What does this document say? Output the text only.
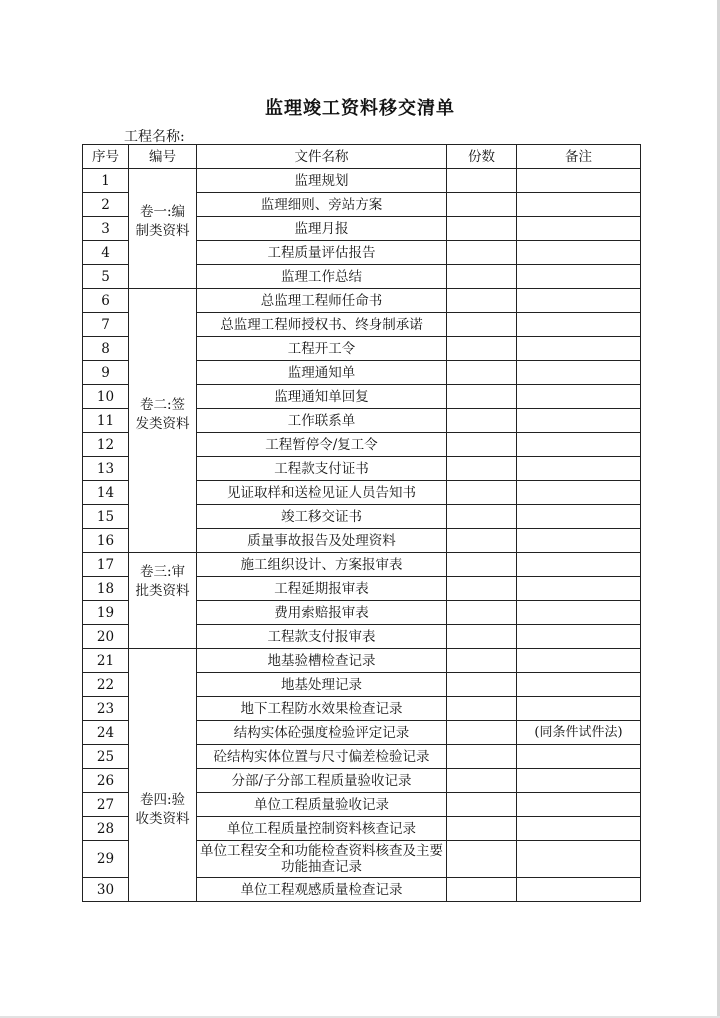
监理竣工资料移交清单
工程名称:
序号	编号	文件名称	份数	备注
1	卷一:编制类资料	监理规划		
2		监理细则、旁站方案		
3		监理月报		
4		工程质量评估报告		
5		监理工作总结		
6	卷二:签发类资料	总监理工程师任命书		
7		总监理工程师授权书、终身制承诺		
8		工程开工令		
9		监理通知单		
10		监理通知单回复		
11		工作联系单		
12		工程暂停令/复工令		
13		工程款支付证书		
14		见证取样和送检见证人员告知书		
15		竣工移交证书		
16		质量事故报告及处理资料		
17	卷三:审批类资料	施工组织设计、方案报审表		
18		工程延期报审表		
19		费用索赔报审表		
20		工程款支付报审表		
21	卷四:验收类资料	地基验槽检查记录		
22		地基处理记录		
23		地下工程防水效果检查记录		
24		结构实体砼强度检验评定记录		(同条件试件法)
25		砼结构实体位置与尺寸偏差检验记录		
26		分部/子分部工程质量验收记录		
27		单位工程质量验收记录		
28		单位工程质量控制资料核查记录		
29		单位工程安全和功能检查资料核查及主要功能抽查记录		
30		单位工程观感质量检查记录		
